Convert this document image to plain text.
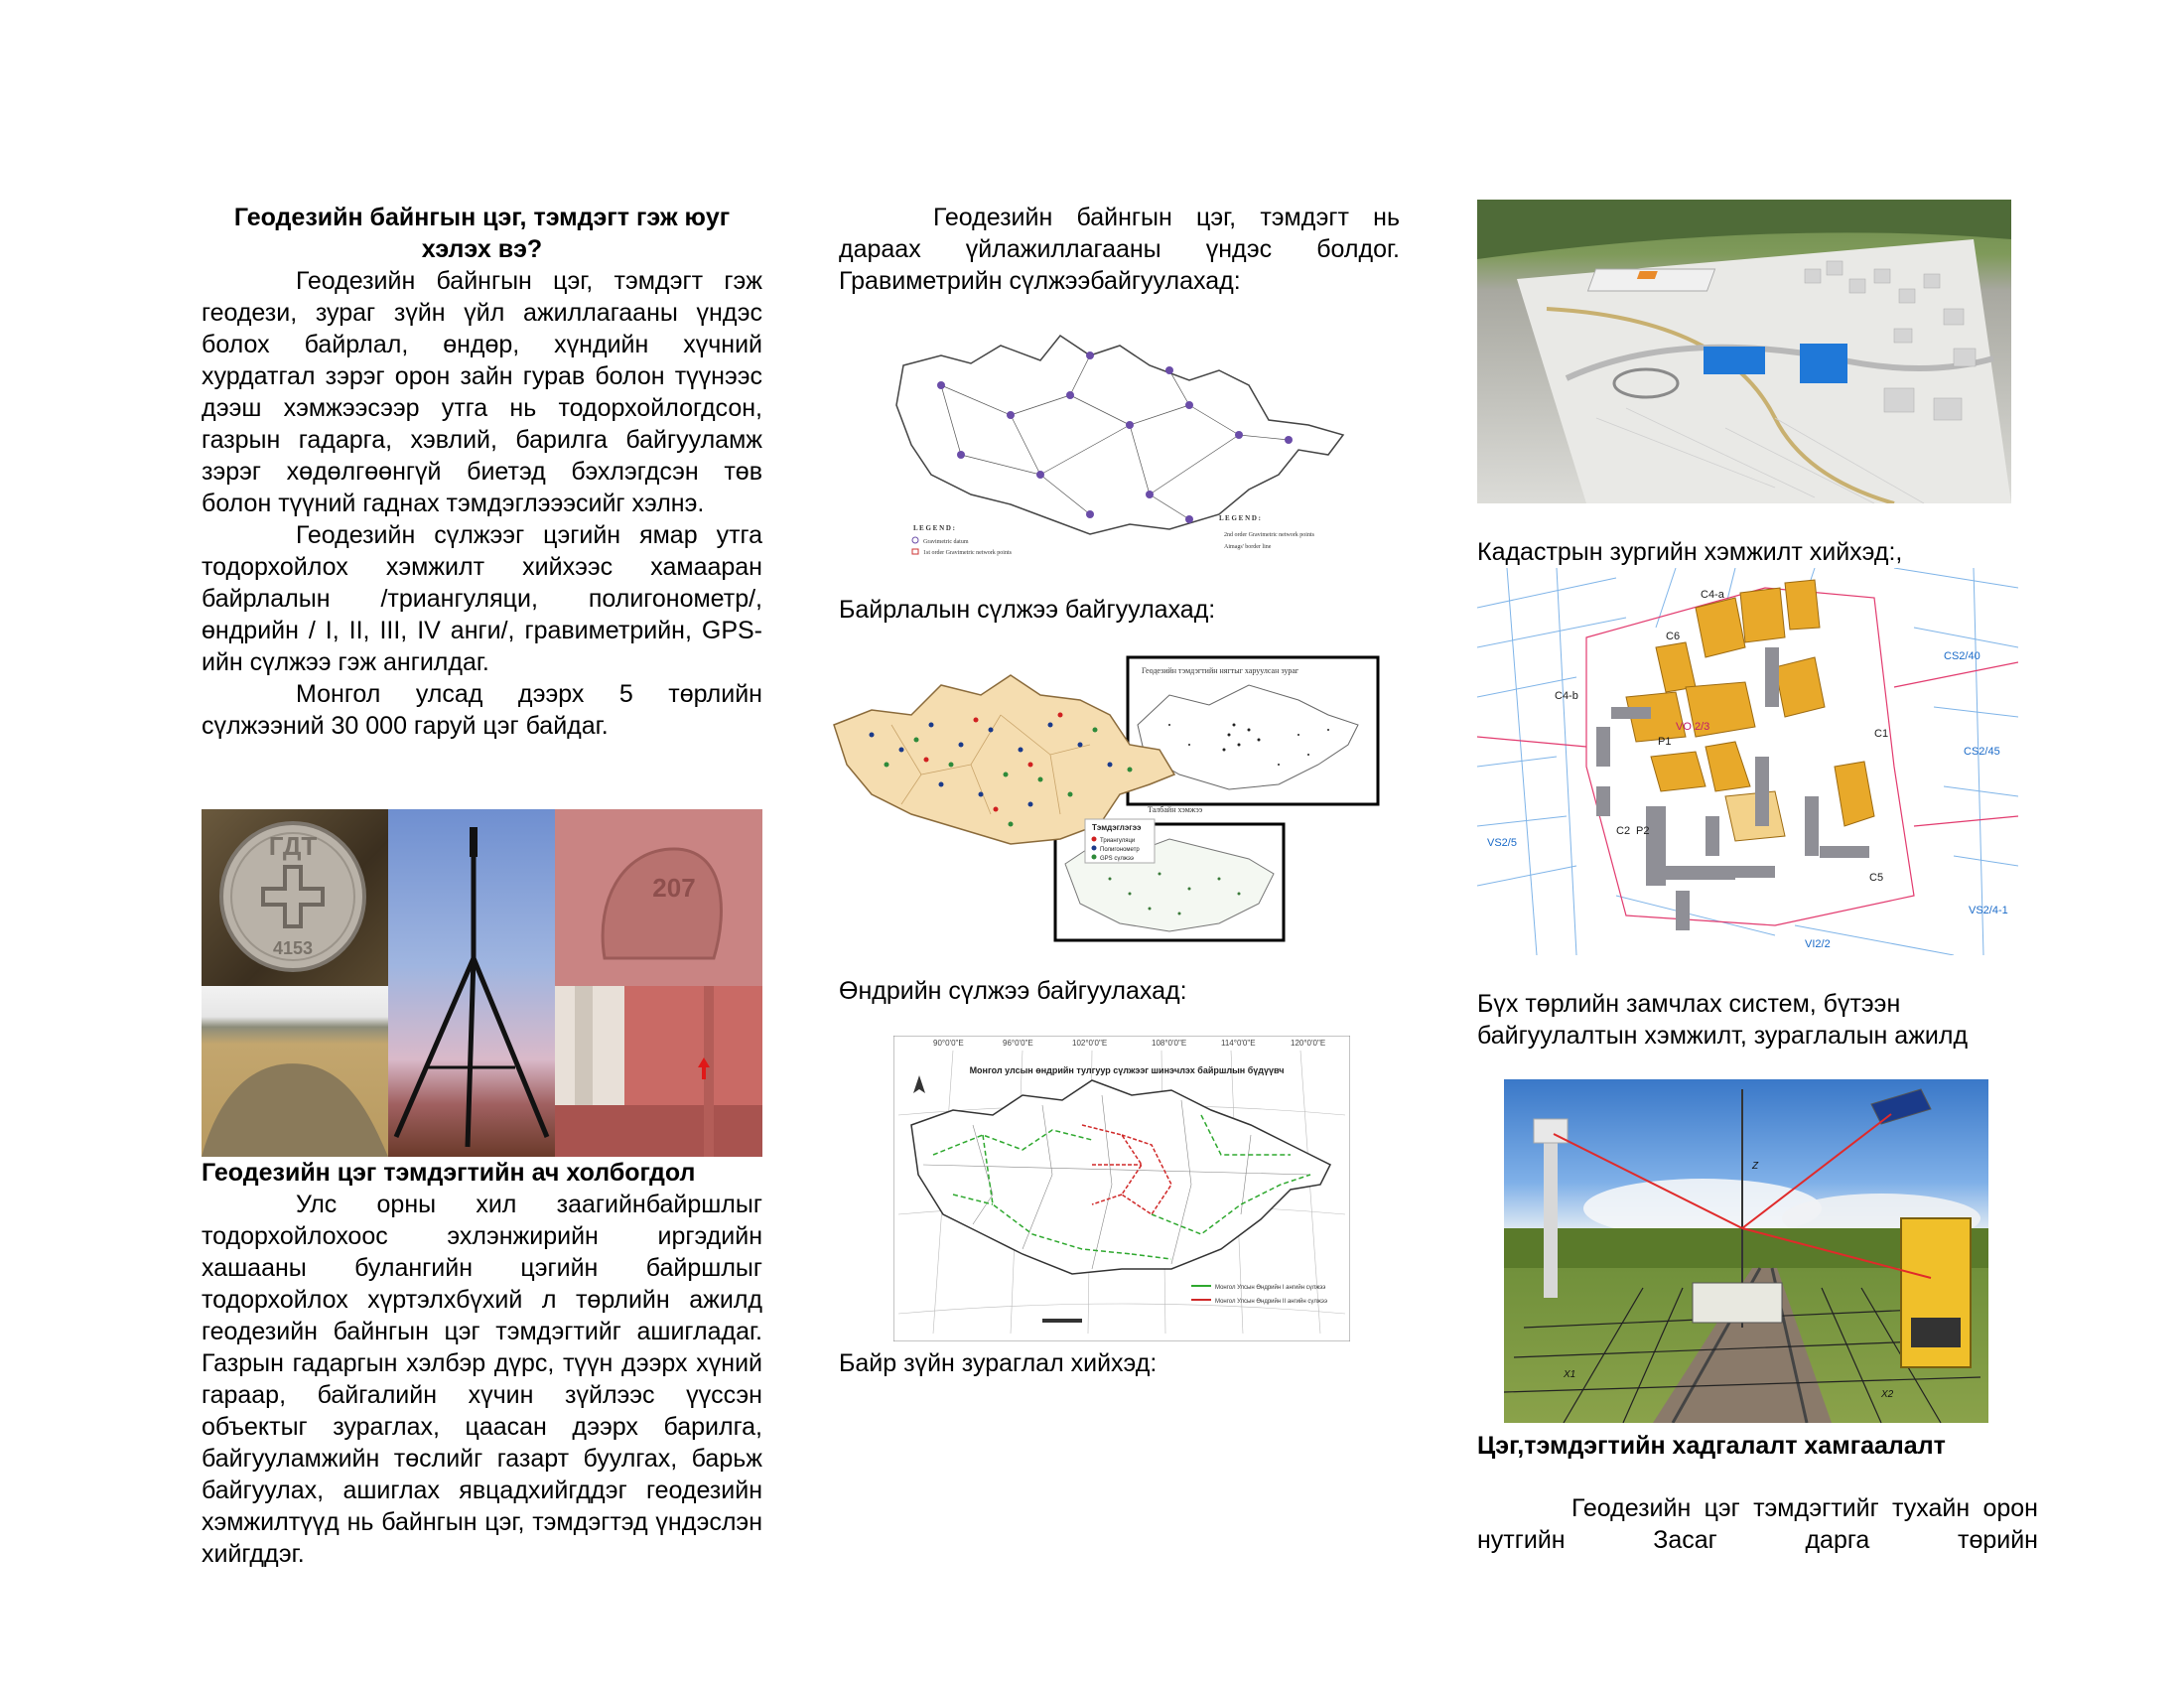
Геодезийн байнгын цэг, тэмдэгт гэж юуг хэлэх вэ?
Геодезийн байнгын цэг, тэмдэгт гэж геодези, зураг зүйн үйл ажиллагааны үндэс болох байрлал, өндөр, хүндийн хүчний хурдатгал зэрэг орон зайн гурав болон түүнээс дээш хэмжээсээр утга нь тодорхойлогдсон, газрын гадарга, хэвлий, барилга байгууламж зэрэг хөдөлгөөнгүй биетэд бэхлэгдсэн төв болон түүний гаднах тэмдэглэээсийг хэлнэ.
Геодезийн сүлжээг цэгийн ямар утга тодорхойлох хэмжилт хийхээс хамааран байрлалын /триангуляци, полигонометр/, өндрийн / I, II, III, IV анги/, гравиметрийн, GPS-ийн сүлжээ гэж ангилдаг.
Монгол улсад дээрх 5 төрлийн сүлжээний 30 000 гаруй цэг байдаг.
ГДТ
4153
207
Геодезийн цэг тэмдэгтийн ач холбогдол
Улс орны хил заагийнбайршлыг тодорхойлохоос эхлэнжирийн иргэдийн хашааны булангийн цэгийн байршлыг тодорхойлох хүртэлхбүхий л төрлийн ажилд геодезийн байнгын цэг тэмдэгтийг ашигладаг. Газрын гадаргын хэлбэр дүрс, түүн дээрх хүний гараар, байгалийн хүчин зүйлээс үүссэн объектыг зураглах, цаасан дээрх барилга, байгууламжийн төслийг газарт буулгах, барьж байгуулах, ашиглах явцадхийгддэг геодезийн хэмжилтүүд нь байнгын цэг, тэмдэгтэд үндэслэн хийгддэг.
Геодезийн байнгын цэг, тэмдэгт нь дараах үйлажиллагааны үндэс болдог. Гравиметрийн сүлжээбайгуулахад:
L E G E N D :
Gravimetric datum
1st order Gravimetric network points
L E G E N D :
2nd order Gravimetric network points
Aimags' border line
Байрлалын сүлжээ байгуулахад:
Геодезийн тэмдэгтийн нягтыг харуулсан зураг
Талбайн хэмжээ
Тэмдэглэгээ
Триангуляци
Полигонометр
GPS сүлжээ
Өндрийн сүлжээ байгуулахад:
90°0'0"E	96°0'0"E	102°0'0"E	108°0'0"E	114°0'0"E	120°0'0"E
Монгол улсын өндрийн тулгуур сүлжээг шинэчлэх байршлын бүдүүвч
Монгол Улсын Өндрийн I ангийн сүлжээ
Монгол Улсын Өндрийн II ангийн сүлжээ
Байр зүйн зураглал хийхэд:
Кадастрын зургийн хэмжилт хийхэд:,
C4-a
C6
CS2/40
C4-b
VO 2/3
P1
C1
CS2/45
C2 P2
VS2/5
C5
VS2/4-1
VI2/2
Бүх төрлийн замчлах систем, бүтээн байгуулалтын хэмжилт, зураглалын ажилд
X1
X2
Z
Цэг,тэмдэгтийн хадгалалт хамгаалалт
Геодезийн цэг тэмдэгтийг тухайн орон нутгийн Засаг дарга төрийн
